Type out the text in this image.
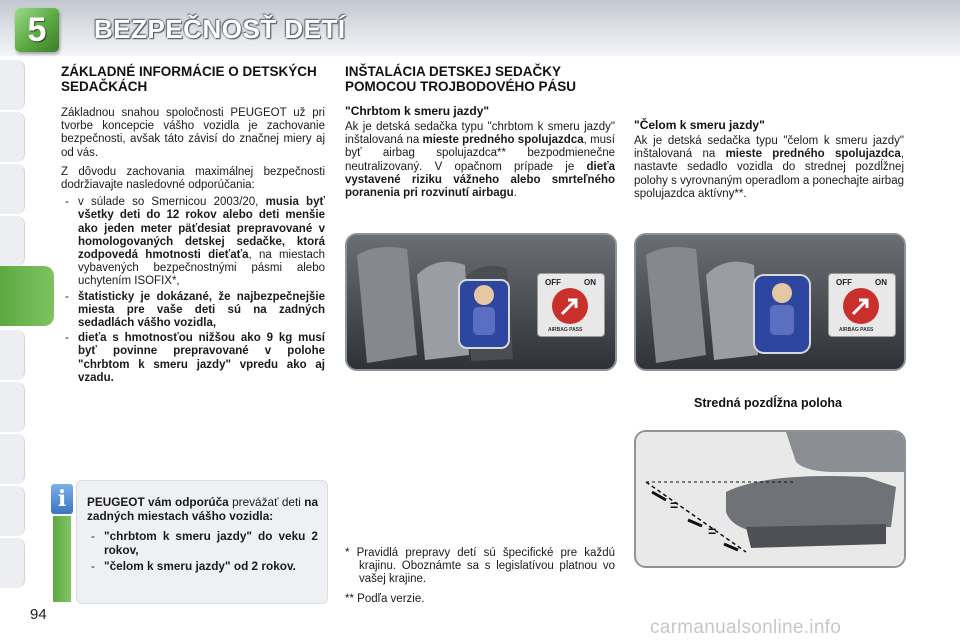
5	BEZPEČNOSŤ DETÍ
ZÁKLADNÉ INFORMÁCIE O DETSKÝCH SEDAČKÁCH

Základnou snahou spoločnosti PEUGEOT už pri tvorbe koncepcie vášho vozidla je zachovanie bezpečnosti, avšak táto závisí do značnej miery aj od vás.

Z dôvodu zachovania maximálnej bezpečnosti dodržiavajte nasledovné odporúčania:

- v súlade so Smernicou 2003/20, musia byť všetky deti do 12 rokov alebo deti menšie ako jeden meter päťdesiat prepravované v homologovaných detskej sedačke, ktorá zodpovedá hmotnosti dieťaťa, na miestach vybavených bezpečnostnými pásmi alebo uchytením ISOFIX*,
- štatisticky je dokázané, že najbezpečnejšie miesta pre vaše deti sú na zadných sedadlách vášho vozidla,
- dieťa s hmotnosťou nižšou ako 9 kg musí byť povinne prepravované v polohe "chrbtom k smeru jazdy" vpredu ako aj vzadu.

PEUGEOT vám odporúča prevážať deti na zadných miestach vášho vozidla:

- "chrbtom k smeru jazdy" do veku 2 rokov,
- "čelom k smeru jazdy" od 2 rokov.
i
INŠTALÁCIA DETSKEJ SEDAČKY POMOCOU TROJBODOVÉHO PÁSU
"Chrbtom k smeru jazdy"

Ak je detská sedačka typu "chrbtom k smeru jazdy" inštalovaná na mieste predného spolujazdca, musí byť airbag spolujazdca** bezpodmienečne neutralizovaný. V opačnom prípade je dieťa vystavené riziku vážneho alebo smrteľného poranenia pri rozvinutí airbagu.

"Čelom k smeru jazdy"

Ak je detská sedačka typu "čelom k smeru jazdy" inštalovaná na mieste predného spolujazdca, nastavte sedadlo vozidla do strednej pozdĺžnej polohy s vyrovnaným operadlom a ponechajte airbag spolujazdca aktívny**.

OFF	ON
AIRBAG PASS
OFF	ON
AIRBAG PASS
Stredná pozdĺžna poloha
=
=

* Pravidlá prepravy detí sú špecifické pre každú krajinu. Oboznámte sa s legislatívou platnou vo vašej krajine.

** Podľa verzie.

94
carmanualsonline.info
